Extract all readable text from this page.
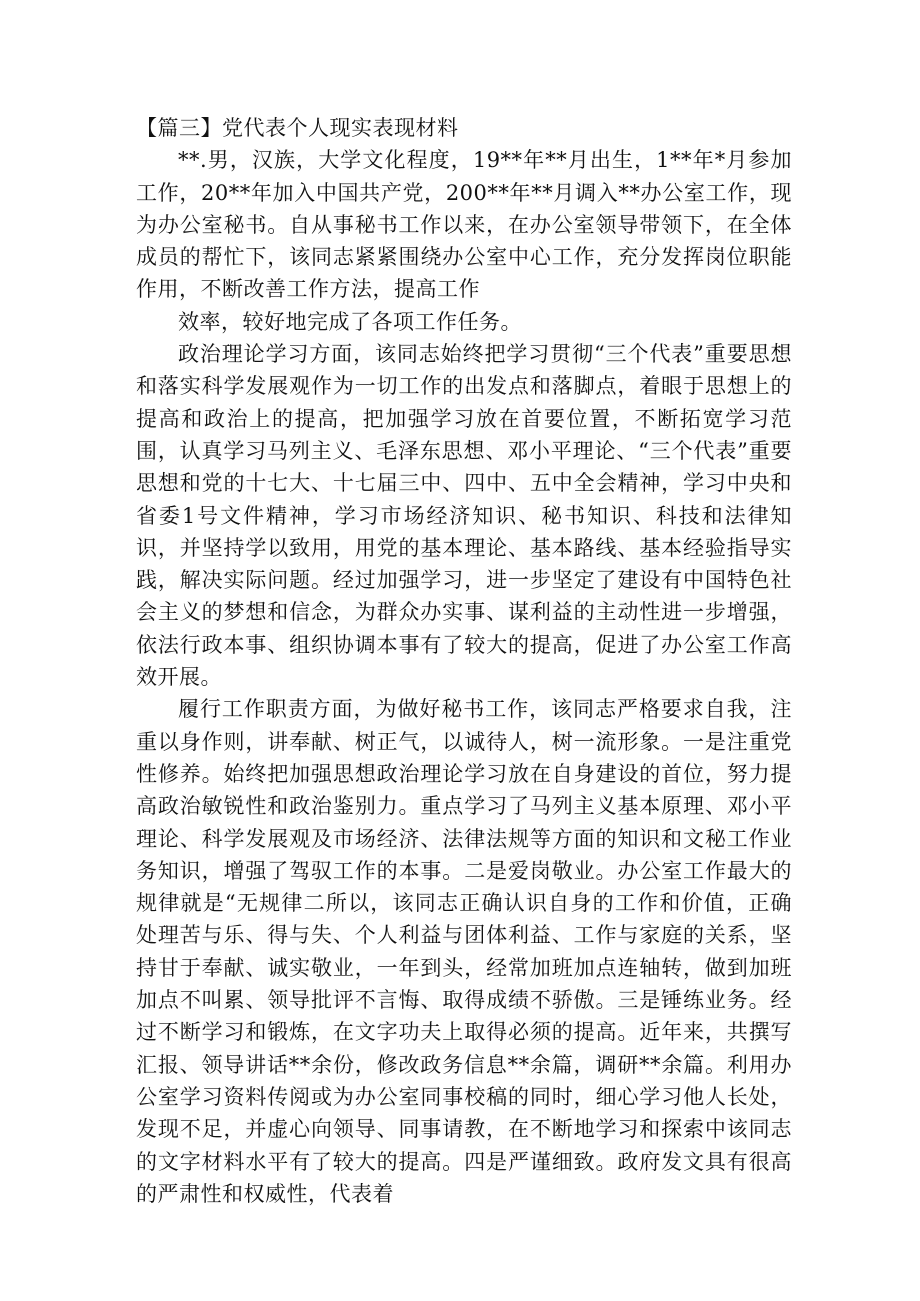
【篇三】党代表个人现实表现材料

**.男，汉族，大学文化程度，19**年**月出生，1**年*月参加工作，20**年加入中国共产党，200**年**月调入**办公室工作，现为办公室秘书。自从事秘书工作以来，在办公室领导带领下，在全体成员的帮忙下，该同志紧紧围绕办公室中心工作，充分发挥岗位职能作用，不断改善工作方法，提高工作

效率，较好地完成了各项工作任务。

政治理论学习方面，该同志始终把学习贯彻“三个代表”重要思想和落实科学发展观作为一切工作的出发点和落脚点，着眼于思想上的提高和政治上的提高，把加强学习放在首要位置，不断拓宽学习范围，认真学习马列主义、毛泽东思想、邓小平理论、“三个代表”重要思想和党的十七大、十七届三中、四中、五中全会精神，学习中央和省委1号文件精神，学习市场经济知识、秘书知识、科技和法律知识，并坚持学以致用，用党的基本理论、基本路线、基本经验指导实践，解决实际问题。经过加强学习，进一步坚定了建设有中国特色社会主义的梦想和信念，为群众办实事、谋利益的主动性进一步增强，依法行政本事、组织协调本事有了较大的提高，促进了办公室工作高效开展。

履行工作职责方面，为做好秘书工作，该同志严格要求自我，注重以身作则，讲奉献、树正气，以诚待人，树一流形象。一是注重党性修养。始终把加强思想政治理论学习放在自身建设的首位，努力提高政治敏锐性和政治鉴别力。重点学习了马列主义基本原理、邓小平理论、科学发展观及市场经济、法律法规等方面的知识和文秘工作业务知识，增强了驾驭工作的本事。二是爱岗敬业。办公室工作最大的规律就是“无规律二所以，该同志正确认识自身的工作和价值，正确处理苦与乐、得与失、个人利益与团体利益、工作与家庭的关系，坚持甘于奉献、诚实敬业，一年到头，经常加班加点连轴转，做到加班加点不叫累、领导批评不言悔、取得成绩不骄傲。三是锤练业务。经过不断学习和锻炼，在文字功夫上取得必须的提高。近年来，共撰写汇报、领导讲话**余份，修改政务信息**余篇，调研**余篇。利用办公室学习资料传阅或为办公室同事校稿的同时，细心学习他人长处，发现不足，并虚心向领导、同事请教，在不断地学习和探索中该同志的文字材料水平有了较大的提高。四是严谨细致。政府发文具有很高的严肃性和权威性，代表着
